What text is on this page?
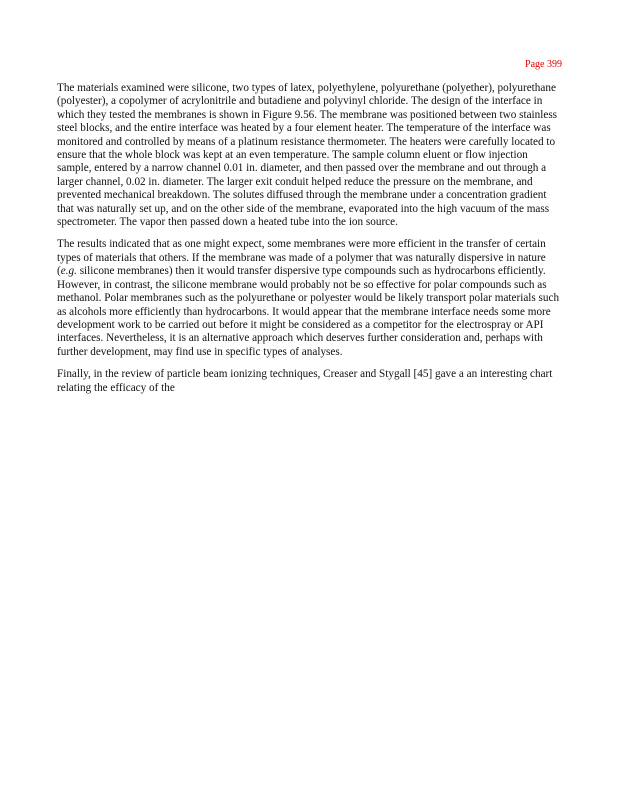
Page 399

The materials examined were silicone, two types of latex, polyethylene, polyurethane (polyether), polyurethane (polyester), a copolymer of acrylonitrile and butadiene and polyvinyl chloride. The design of the interface in which they tested the membranes is shown in Figure 9.56. The membrane was positioned between two stainless steel blocks, and the entire interface was heated by a four element heater. The temperature of the interface was monitored and controlled by means of a platinum resistance thermometer. The heaters were carefully located to ensure that the whole block was kept at an even temperature. The sample column eluent or flow injection sample, entered by a narrow channel 0.01 in. diameter, and then passed over the membrane and out through a larger channel, 0.02 in. diameter. The larger exit conduit helped reduce the pressure on the membrane, and prevented mechanical breakdown. The solutes diffused through the membrane under a concentration gradient that was naturally set up, and on the other side of the membrane, evaporated into the high vacuum of the mass spectrometer. The vapor then passed down a heated tube into the ion source.

The results indicated that as one might expect, some membranes were more efficient in the transfer of certain types of materials that others. If the membrane was made of a polymer that was naturally dispersive in nature (e.g. silicone membranes) then it would transfer dispersive type compounds such as hydrocarbons efficiently. However, in contrast, the silicone membrane would probably not be so effective for polar compounds such as methanol. Polar membranes such as the polyurethane or polyester would be likely transport polar materials such as alcohols more efficiently than hydrocarbons. It would appear that the membrane interface needs some more development work to be carried out before it might be considered as a competitor for the electrospray or API interfaces. Nevertheless, it is an alternative approach which deserves further consideration and, perhaps with further development, may find use in specific types of analyses.

Finally, in the review of particle beam ionizing techniques, Creaser and Stygall [45] gave a an interesting chart relating the efficacy of the
